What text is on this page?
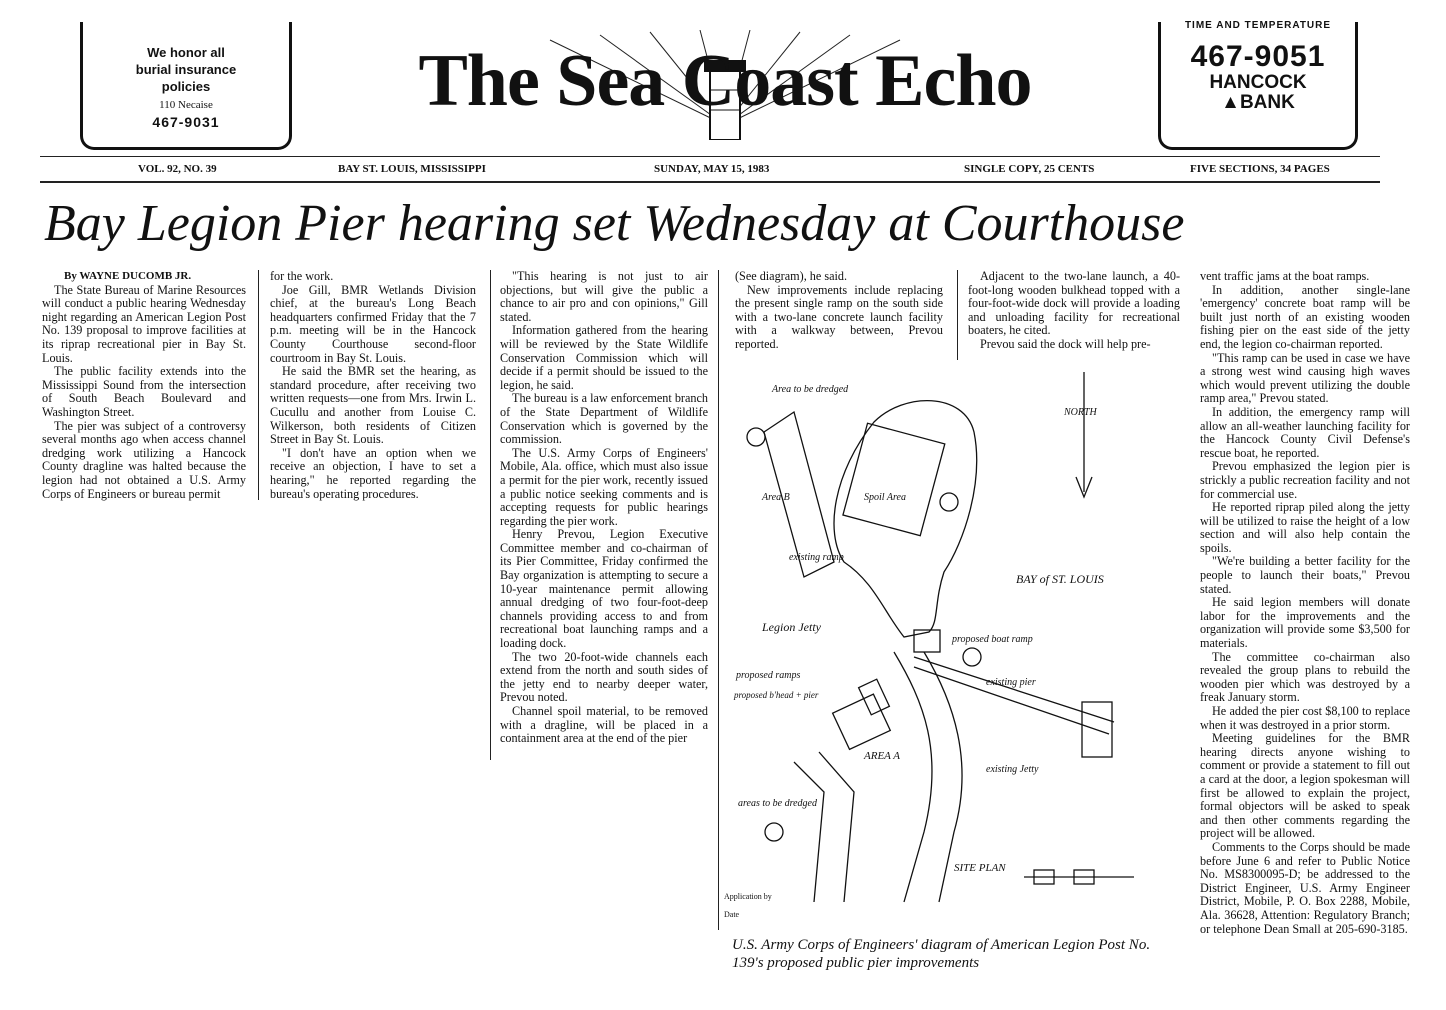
We honor all
burial insurance
policies
110 Necaise
467-9031	The Sea Coast Echo
TIME AND TEMPERATURE
467-9051
HANCOCK
▲BANK
VOL. 92, NO. 39	BAY ST. LOUIS, MISSISSIPPI	SUNDAY, MAY 15, 1983	SINGLE COPY, 25 CENTS	FIVE SECTIONS, 34 PAGES
Bay Legion Pier hearing set Wednesday at Courthouse

By WAYNE DUCOMB JR.

The State Bureau of Marine Resources will conduct a public hearing Wednesday night regarding an American Legion Post No. 139 proposal to improve facilities at its riprap recreational pier in Bay St. Louis.

The public facility extends into the Mississippi Sound from the intersection of South Beach Boulevard and Washington Street.

The pier was subject of a controversy several months ago when access channel dredging work utilizing a Hancock County dragline was halted because the legion had not obtained a U.S. Army Corps of Engineers or bureau permit

for the work.

Joe Gill, BMR Wetlands Division chief, at the bureau's Long Beach headquarters confirmed Friday that the 7 p.m. meeting will be in the Hancock County Courthouse second-floor courtroom in Bay St. Louis.

He said the BMR set the hearing, as standard procedure, after receiving two written requests—one from Mrs. Irwin L. Cucullu and another from Louise C. Wilkerson, both residents of Citizen Street in Bay St. Louis.

"I don't have an option when we receive an objection, I have to set a hearing," he reported regarding the bureau's operating procedures.

"This hearing is not just to air objections, but will give the public a chance to air pro and con opinions," Gill stated.

Information gathered from the hearing will be reviewed by the State Wildlife Conservation Commission which will decide if a permit should be issued to the legion, he said.

The bureau is a law enforcement branch of the State Department of Wildlife Conservation which is governed by the commission.

The U.S. Army Corps of Engineers' Mobile, Ala. office, which must also issue a permit for the pier work, recently issued a public notice seeking comments and is accepting requests for public hearings regarding the pier work.

Henry Prevou, Legion Executive Committee member and co-chairman of its Pier Committee, Friday confirmed the Bay organization is attempting to secure a 10-year maintenance permit allowing annual dredging of two four-foot-deep channels providing access to and from recreational boat launching ramps and a loading dock.

The two 20-foot-wide channels each extend from the north and south sides of the jetty end to nearby deeper water, Prevou noted.

Channel spoil material, to be removed with a dragline, will be placed in a containment area at the end of the pier

(See diagram), he said.

New improvements include replacing the present single ramp on the south side with a two-lane concrete launch facility with a walkway between, Prevou reported.

Adjacent to the two-lane launch, a 40-foot-long wooden bulkhead topped with a four-foot-wide dock will provide a loading and unloading facility for recreational boaters, he cited.

Prevou said the dock will help pre-

vent traffic jams at the boat ramps.

In addition, another single-lane 'emergency' concrete boat ramp will be built just north of an existing wooden fishing pier on the east side of the jetty end, the legion co-chairman reported.

"This ramp can be used in case we have a strong west wind causing high waves which would prevent utilizing the double ramp area," Prevou stated.

In addition, the emergency ramp will allow an all-weather launching facility for the Hancock County Civil Defense's rescue boat, he reported.

Prevou emphasized the legion pier is strickly a public recreation facility and not for commercial use.

He reported riprap piled along the jetty will be utilized to raise the height of a low section and will also help contain the spoils.

"We're building a better facility for the people to launch their boats," Prevou stated.

He said legion members will donate labor for the improvements and the organization will provide some $3,500 for materials.

The committee co-chairman also revealed the group plans to rebuild the wooden pier which was destroyed by a freak January storm.

He added the pier cost $8,100 to replace when it was destroyed in a prior storm.

Meeting guidelines for the BMR hearing directs anyone wishing to comment or provide a statement to fill out a card at the door, a legion spokesman will first be allowed to explain the project, formal objectors will be asked to speak and then other comments regarding the project will be allowed.

Comments to the Corps should be made before June 6 and refer to Public Notice No. MS8300095-D; be addressed to the District Engineer, U.S. Army Engineer District, Mobile, P. O. Box 2288, Mobile, Ala. 36628, Attention: Regulatory Branch; or telephone Dean Small at 205-690-3185.

Area to be dredged
Area B	Spoil Area
NORTH
existing ramp
BAY of ST. LOUIS
Legion Jetty
proposed boat ramp
existing pier
proposed ramps
proposed b'head + pier
AREA A
existing Jetty
areas to be dredged
SITE PLAN
Application by
Date
U.S. Army Corps of Engineers' diagram of American Legion Post No. 139's proposed public pier improvements
